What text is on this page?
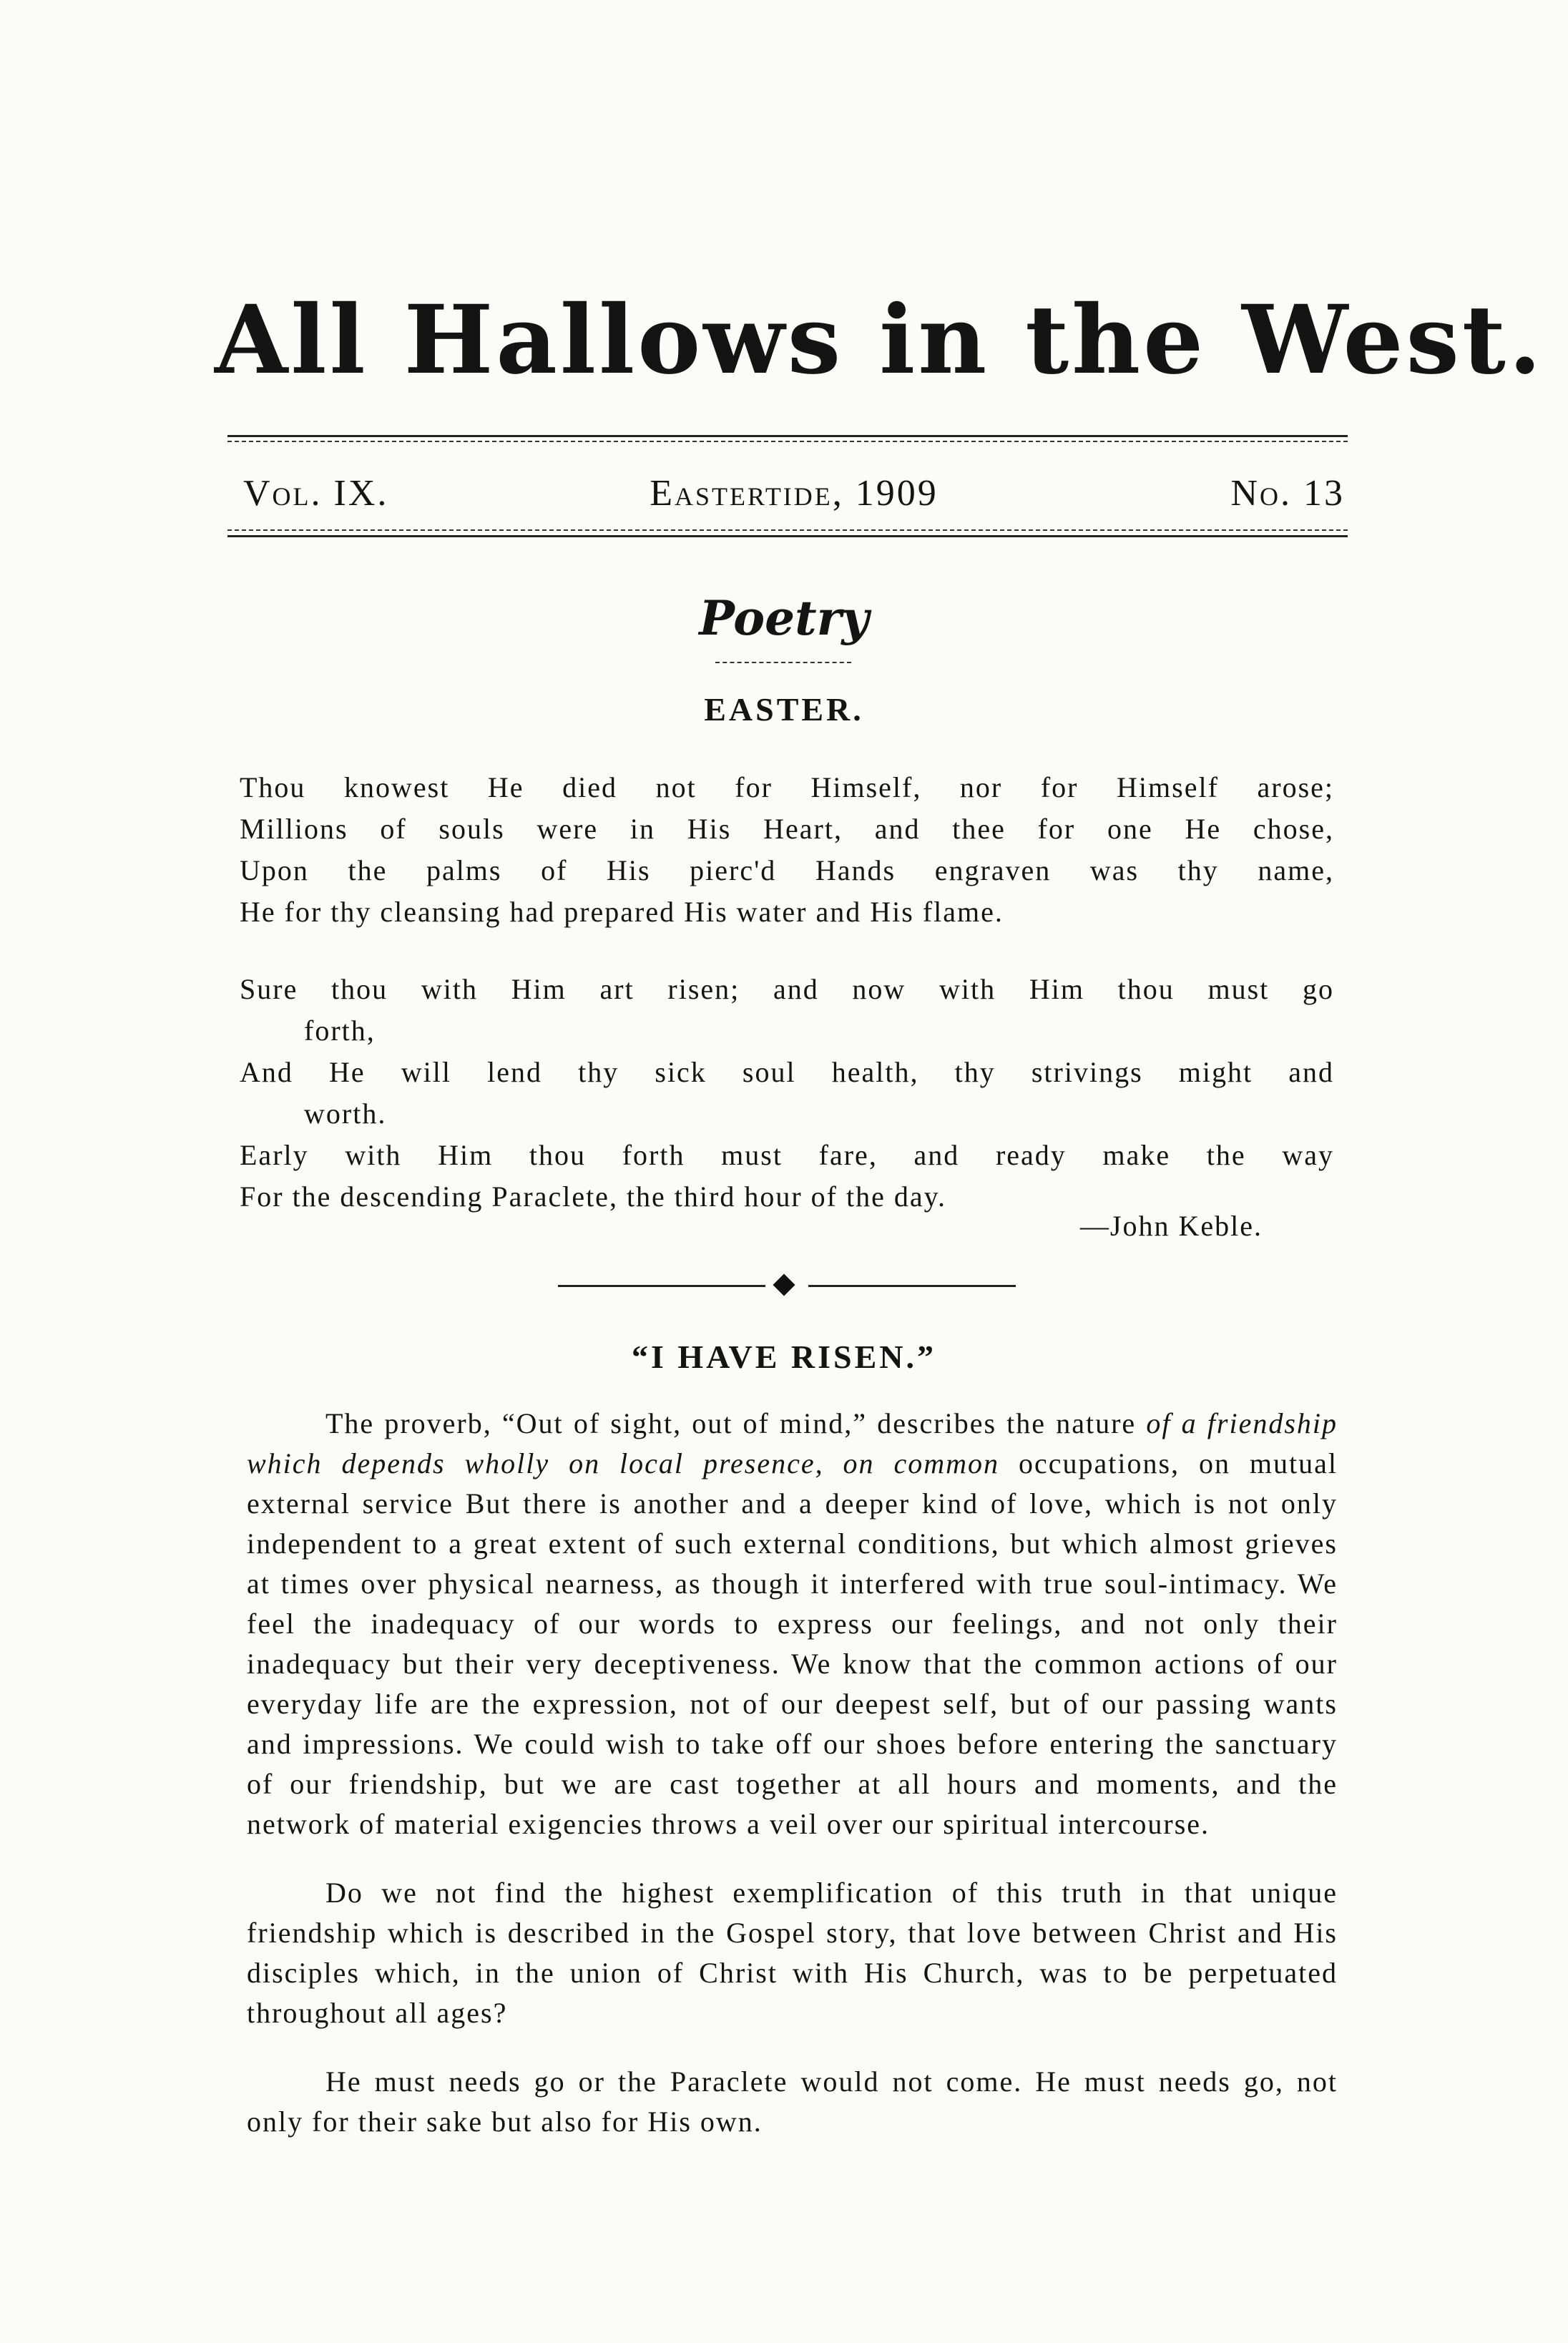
All Hallows in the West.
Vol. IX.	Eastertide, 1909	No. 13
Poetry
EASTER.
Thou knowest He died not for Himself, nor for Himself arose;
Millions of souls were in His Heart, and thee for one He chose,
Upon the palms of His pierc'd Hands engraven was thy name,
He for thy cleansing had prepared His water and His flame.
Sure thou with Him art risen; and now with Him thou must go
forth,
And He will lend thy sick soul health, thy strivings might and
worth.
Early with Him thou forth must fare, and ready make the way
For the descending Paraclete, the third hour of the day.
—John Keble.
“I HAVE RISEN.”

The proverb, “Out of sight, out of mind,” describes the nature of a friendship which depends wholly on local presence, on common occupations, on mutual external service But there is another and a deeper kind of love, which is not only independent to a great extent of such external conditions, but which almost grieves at times over physical nearness, as though it interfered with true soul-intimacy. We feel the inadequacy of our words to express our feelings, and not only their inadequacy but their very deceptiveness. We know that the common actions of our everyday life are the expression, not of our deepest self, but of our passing wants and impressions. We could wish to take off our shoes before entering the sanctuary of our friendship, but we are cast together at all hours and moments, and the network of material exigencies throws a veil over our spiritual intercourse.

Do we not find the highest exemplification of this truth in that unique friendship which is described in the Gospel story, that love between Christ and His disciples which, in the union of Christ with His Church, was to be perpetuated throughout all ages?

He must needs go or the Paraclete would not come. He must needs go, not only for their sake but also for His own.
